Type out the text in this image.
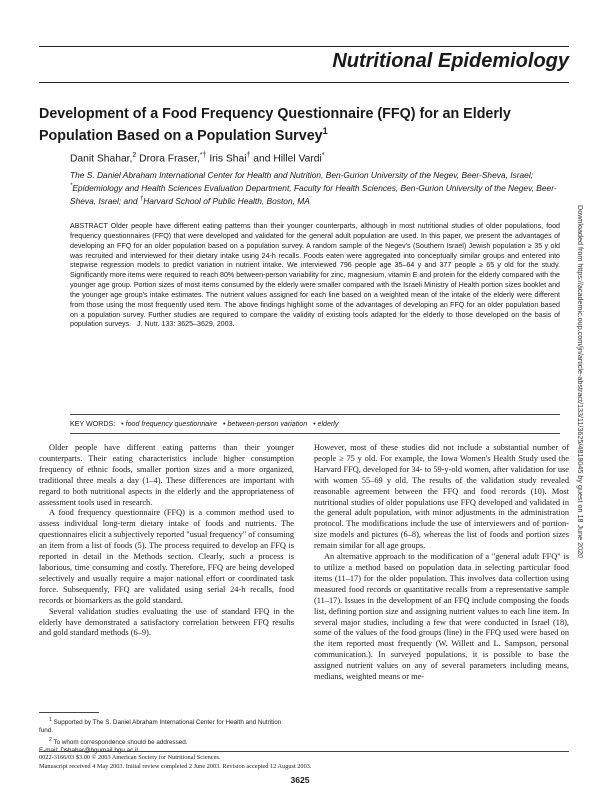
Nutritional Epidemiology
Development of a Food Frequency Questionnaire (FFQ) for an Elderly Population Based on a Population Survey$^1$
Danit Shahar,$^2$ Drora Fraser,*† Iris Shai† and Hillel Vardi*
The S. Daniel Abraham International Center for Health and Nutrition, Ben-Gurion University of the Negev, Beer-Sheva, Israel; *Epidemiology and Health Sciences Evaluation Department, Faculty for Health Sciences, Ben-Gurion University of the Negev, Beer-Sheva, Israel; and †Harvard School of Public Health, Boston, MA
ABSTRACT Older people have different eating patterns than their younger counterparts, although in most nutritional studies of older populations, food frequency questionnaires (FFQ) that were developed and validated for the general adult population are used. In this paper, we present the advantages of developing an FFQ for an older population based on a population survey. A random sample of the Negev's (Southern Israel) Jewish population ≥ 35 y old was recruited and interviewed for their dietary intake using 24-h recalls. Foods eaten were aggregated into conceptually similar groups and entered into stepwise regression models to predict variation in nutrient intake. We interviewed 796 people age 35–64 y and 377 people ≥ 65 y old for the study. Significantly more items were required to reach 80% between-person variability for zinc, magnesium, vitamin E and protein for the elderly compared with the younger age group. Portion sizes of most items consumed by the elderly were smaller compared with the Israeli Ministry of Health portion sizes booklet and the younger age group's intake estimates. The nutrient values assigned for each line based on a weighted mean of the intake of the elderly were different from those using the most frequently used item. The above findings highlight some of the advantages of developing an FFQ for an older population based on a population survey. Further studies are required to compare the validity of existing tools adapted for the elderly to those developed on the basis of population surveys. J. Nutr. 133: 3625–3629, 2003.
KEY WORDS: • food frequency questionnaire • between-person variation • elderly

Older people have different eating patterns than their younger counterparts. Their eating characteristics include higher consumption frequency of ethnic foods, smaller portion sizes and a more organized, traditional three meals a day (1–4). These differences are important with regard to both nutritional aspects in the elderly and the appropriateness of assessment tools used in research.

A food frequency questionnaire (FFQ) is a common method used to assess individual long-term dietary intake of foods and nutrients. The questionnaires elicit a subjectively reported "usual frequency" of consuming an item from a list of foods (5). The process required to develop an FFQ is reported in detail in the Methods section. Clearly, such a process is laborious, time consuming and costly. Therefore, FFQ are being developed selectively and usually require a major national effort or coordinated task force. Subsequently, FFQ are validated using serial 24-h recalls, food records or biomarkers as the gold standard.

Several validation studies evaluating the use of standard FFQ in the elderly have demonstrated a satisfactory correlation between FFQ results and gold standard methods (6–9).

However, most of these studies did not include a substantial number of people ≥ 75 y old. For example, the Iowa Women's Health Study used the Harvard FFQ, developed for 34- to 59-y-old women, after validation for use with women 55–69 y old. The results of the validation study revealed reasonable agreement between the FFQ and food records (10). Most nutritional studies of older populations use FFQ developed and validated in the general adult population, with minor adjustments in the administration protocol. The modifications include the use of interviewers and of portion-size models and pictures (6–8), whereas the list of foods and portion sizes remain similar for all age groups.

An alternative approach to the modification of a "general adult FFQ" is to utilize a method based on population data in selecting particular food items (11–17) for the older population. This involves data collection using measured food records or quantitative recalls from a representative sample (11–17). Issues in the development of an FFQ include composing the foods list, defining portion size and assigning nutrient values to each line item. In several major studies, including a few that were conducted in Israel (18), some of the values of the food groups (line) in the FFQ used were based on the item reported most frequently (W. Willett and L. Sampson, personal communication.). In surveyed populations, it is possible to base the assigned nutrient values on any of several parameters including means, medians, weighted means or me-

$^1$ Supported by The S. Daniel Abraham International Center for Health and Nutrition fund.
$^2$ To whom correspondence should be addressed.
0022-3166/03 $3.00 © 2003 American Society for Nutritional Sciences.
Manuscript received 4 May 2003. Initial review completed 2 June 2003. Revision accepted 12 August 2003.
3625
Downloaded from https://academic.oup.com/jn/article-abstract/133/11/3625/4818045 by guest on 18 June 2020
